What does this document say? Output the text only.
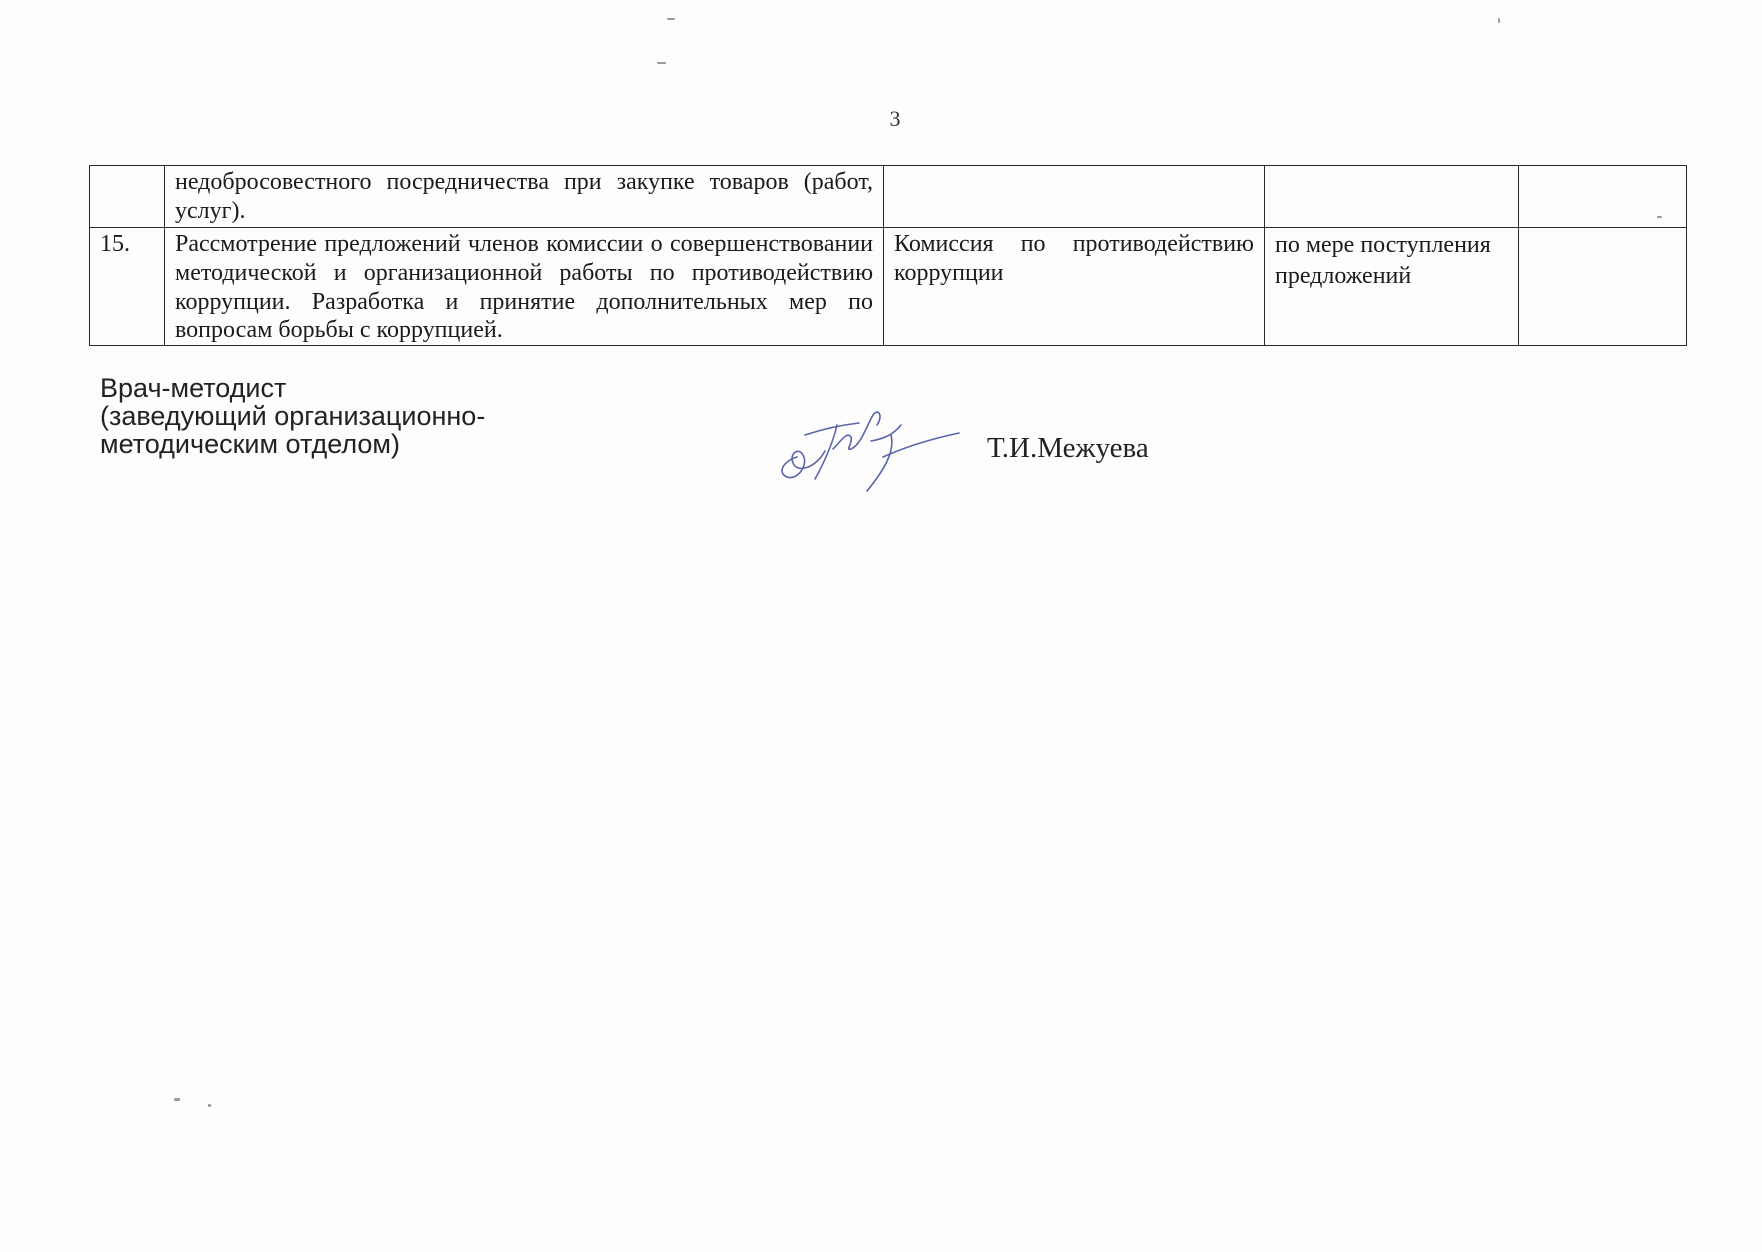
3

	недобросовестного посредничества при закупке товаров (работ, услуг).			

15.	Рассмотрение предложений членов комиссии о совершенствовании методической и организационной работы по противодействию коррупции. Разработка и принятие дополнительных мер по вопросам борьбы с коррупцией.	Комиссия по противодействию коррупции	по мере поступления предложений	
Врач-методист
(заведующий организационно-
методическим отделом)	Т.И.Межуева
